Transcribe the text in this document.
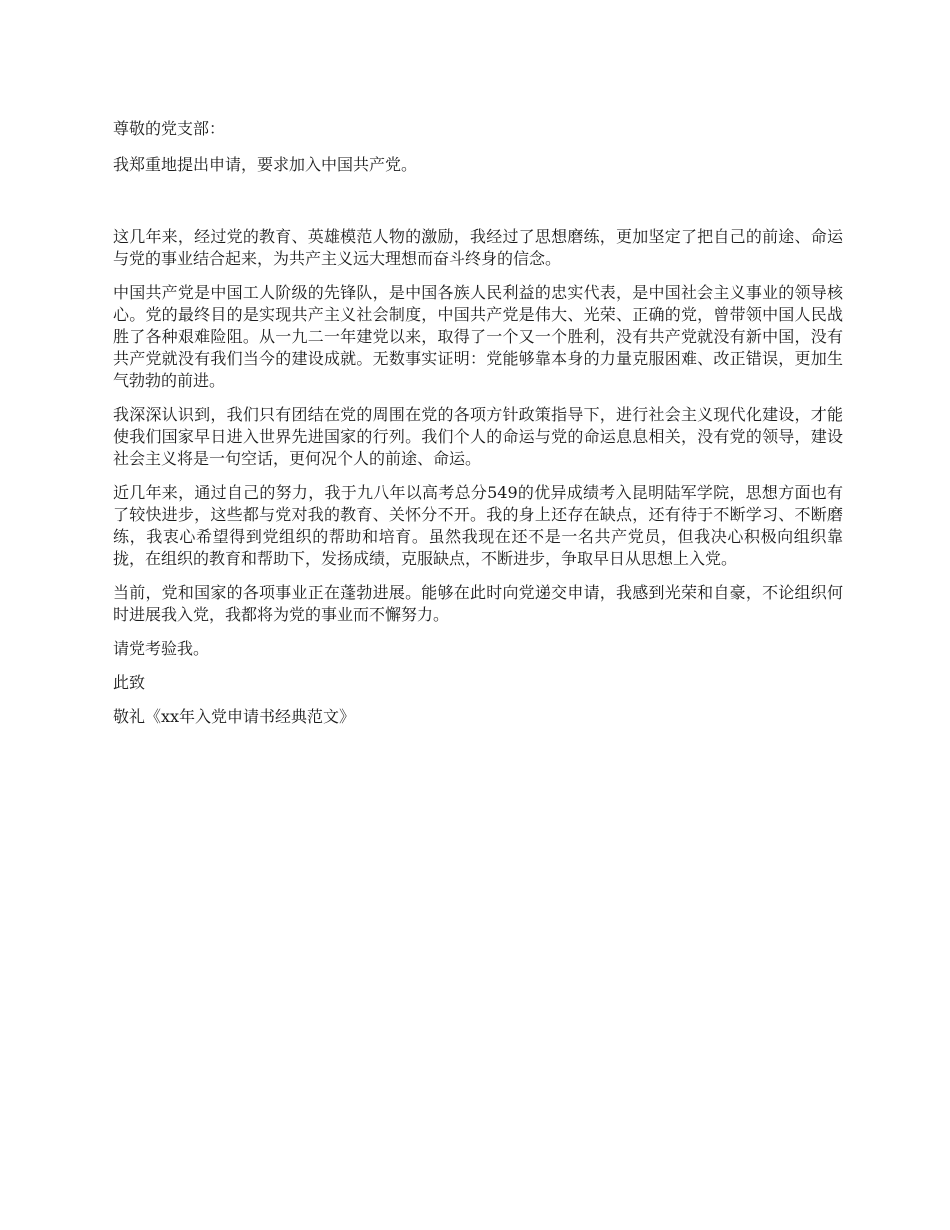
尊敬的党支部：

我郑重地提出申请，要求加入中国共产党。

这几年来，经过党的教育、英雄模范人物的激励，我经过了思想磨练，更加坚定了把自己的前途、命运与党的事业结合起来，为共产主义远大理想而奋斗终身的信念。

中国共产党是中国工人阶级的先锋队，是中国各族人民利益的忠实代表，是中国社会主义事业的领导核心。党的最终目的是实现共产主义社会制度，中国共产党是伟大、光荣、正确的党，曾带领中国人民战胜了各种艰难险阻。从一九二一年建党以来，取得了一个又一个胜利，没有共产党就没有新中国，没有共产党就没有我们当今的建设成就。无数事实证明：党能够靠本身的力量克服困难、改正错误，更加生气勃勃的前进。

我深深认识到，我们只有团结在党的周围在党的各项方针政策指导下，进行社会主义现代化建设，才能使我们国家早日进入世界先进国家的行列。我们个人的命运与党的命运息息相关，没有党的领导，建设社会主义将是一句空话，更何况个人的前途、命运。

近几年来，通过自己的努力，我于九八年以高考总分549的优异成绩考入昆明陆军学院，思想方面也有了较快进步，这些都与党对我的教育、关怀分不开。我的身上还存在缺点，还有待于不断学习、不断磨练，我衷心希望得到党组织的帮助和培育。虽然我现在还不是一名共产党员，但我决心积极向组织靠拢，在组织的教育和帮助下，发扬成绩，克服缺点，不断进步，争取早日从思想上入党。

当前，党和国家的各项事业正在蓬勃进展。能够在此时向党递交申请，我感到光荣和自豪，不论组织何时进展我入党，我都将为党的事业而不懈努力。

请党考验我。

此致

敬礼《xx年入党申请书经典范文》
